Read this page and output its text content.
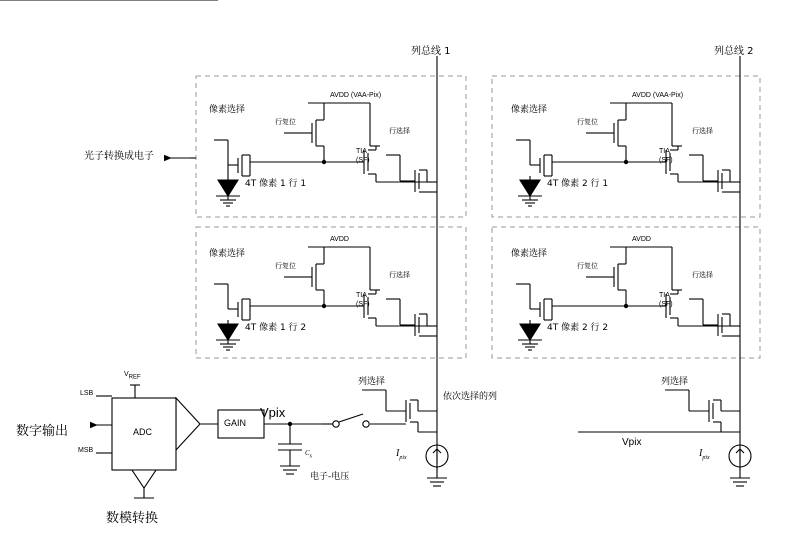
列总线 1	列总线 2
AVDD (VAA-Pix)
像素选择
行复位
行选择
TIA
(SF)
4T 像素 1 行 1
AVDD (VAA-Pix)
像素选择
行复位
行选择
TIA
(SF)
4T 像素 2 行 1
AVDD
像素选择
行复位
行选择
TIA
(SF)
4T 像素 1 行 2
AVDD
像素选择
行复位
行选择
TIA
(SF)
4T 像素 2 行 2
光子转换成电子
列选择	列选择
依次选择的列
Vpix
$I_{pix}$	$I_{pix}$
VREF
LSB
MSB
ADC
GAIN
Vpix
Cs
电子-电压
数字输出
数模转换
